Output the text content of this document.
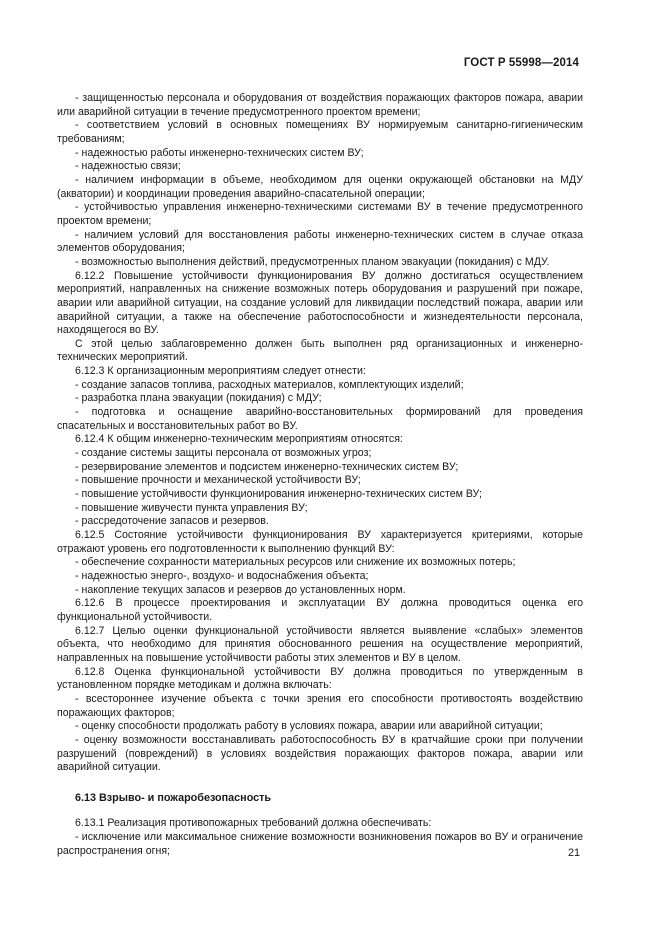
ГОСТ Р 55998—2014

- защищенностью персонала и оборудования от воздействия поражающих факторов пожара, аварии или аварийной ситуации в течение предусмотренного проектом времени;

- соответствием условий в основных помещениях ВУ нормируемым санитарно-гигиеническим требованиям;

- надежностью работы инженерно-технических систем ВУ;

- надежностью связи;

- наличием информации в объеме, необходимом для оценки окружающей обстановки на МДУ (акватории) и координации проведения аварийно-спасательной операции;

- устойчивостью управления инженерно-техническими системами ВУ в течение предусмотренного проектом времени;

- наличием условий для восстановления работы инженерно-технических систем в случае отказа элементов оборудования;

- возможностью выполнения действий, предусмотренных планом эвакуации (покидания) с МДУ.

6.12.2 Повышение устойчивости функционирования ВУ должно достигаться осуществлением мероприятий, направленных на снижение возможных потерь оборудования и разрушений при пожаре, аварии или аварийной ситуации, на создание условий для ликвидации последствий пожара, аварии или аварийной ситуации, а также на обеспечение работоспособности и жизнедеятельности персонала, находящегося во ВУ.

С этой целью заблаговременно должен быть выполнен ряд организационных и инженерно-технических мероприятий.

6.12.3 К организационным мероприятиям следует отнести:

- создание запасов топлива, расходных материалов, комплектующих изделий;

- разработка плана эвакуации (покидания) с МДУ;

- подготовка и оснащение аварийно-восстановительных формирований для проведения спасательных и восстановительных работ во ВУ.

6.12.4 К общим инженерно-техническим мероприятиям относятся:

- создание системы защиты персонала от возможных угроз;

- резервирование элементов и подсистем инженерно-технических систем ВУ;

- повышение прочности и механической устойчивости ВУ;

- повышение устойчивости функционирования инженерно-технических систем ВУ;

- повышение живучести пункта управления ВУ;

- рассредоточение запасов и резервов.

6.12.5 Состояние устойчивости функционирования ВУ характеризуется критериями, которые отражают уровень его подготовленности к выполнению функций ВУ:

- обеспечение сохранности материальных ресурсов или снижение их возможных потерь;

- надежностью энерго-, воздухо- и водоснабжения объекта;

- накопление текущих запасов и резервов до установленных норм.

6.12.6 В процессе проектирования и эксплуатации ВУ должна проводиться оценка его функциональной устойчивости.

6.12.7 Целью оценки функциональной устойчивости является выявление «слабых» элементов объекта, что необходимо для принятия обоснованного решения на осуществление мероприятий, направленных на повышение устойчивости работы этих элементов и ВУ в целом.

6.12.8 Оценка функциональной устойчивости ВУ должна проводиться по утвержденным в установленном порядке методикам и должна включать:

- всестороннее изучение объекта с точки зрения его способности противостоять воздействию поражающих факторов;

- оценку способности продолжать работу в условиях пожара, аварии или аварийной ситуации;

- оценку возможности восстанавливать работоспособность ВУ в кратчайшие сроки при получении разрушений (повреждений) в условиях воздействия поражающих факторов пожара, аварии или аварийной ситуации.

6.13 Взрыво- и пожаробезопасность

6.13.1 Реализация противопожарных требований должна обеспечивать:

- исключение или максимальное снижение возможности возникновения пожаров во ВУ и ограничение распространения огня;	21
